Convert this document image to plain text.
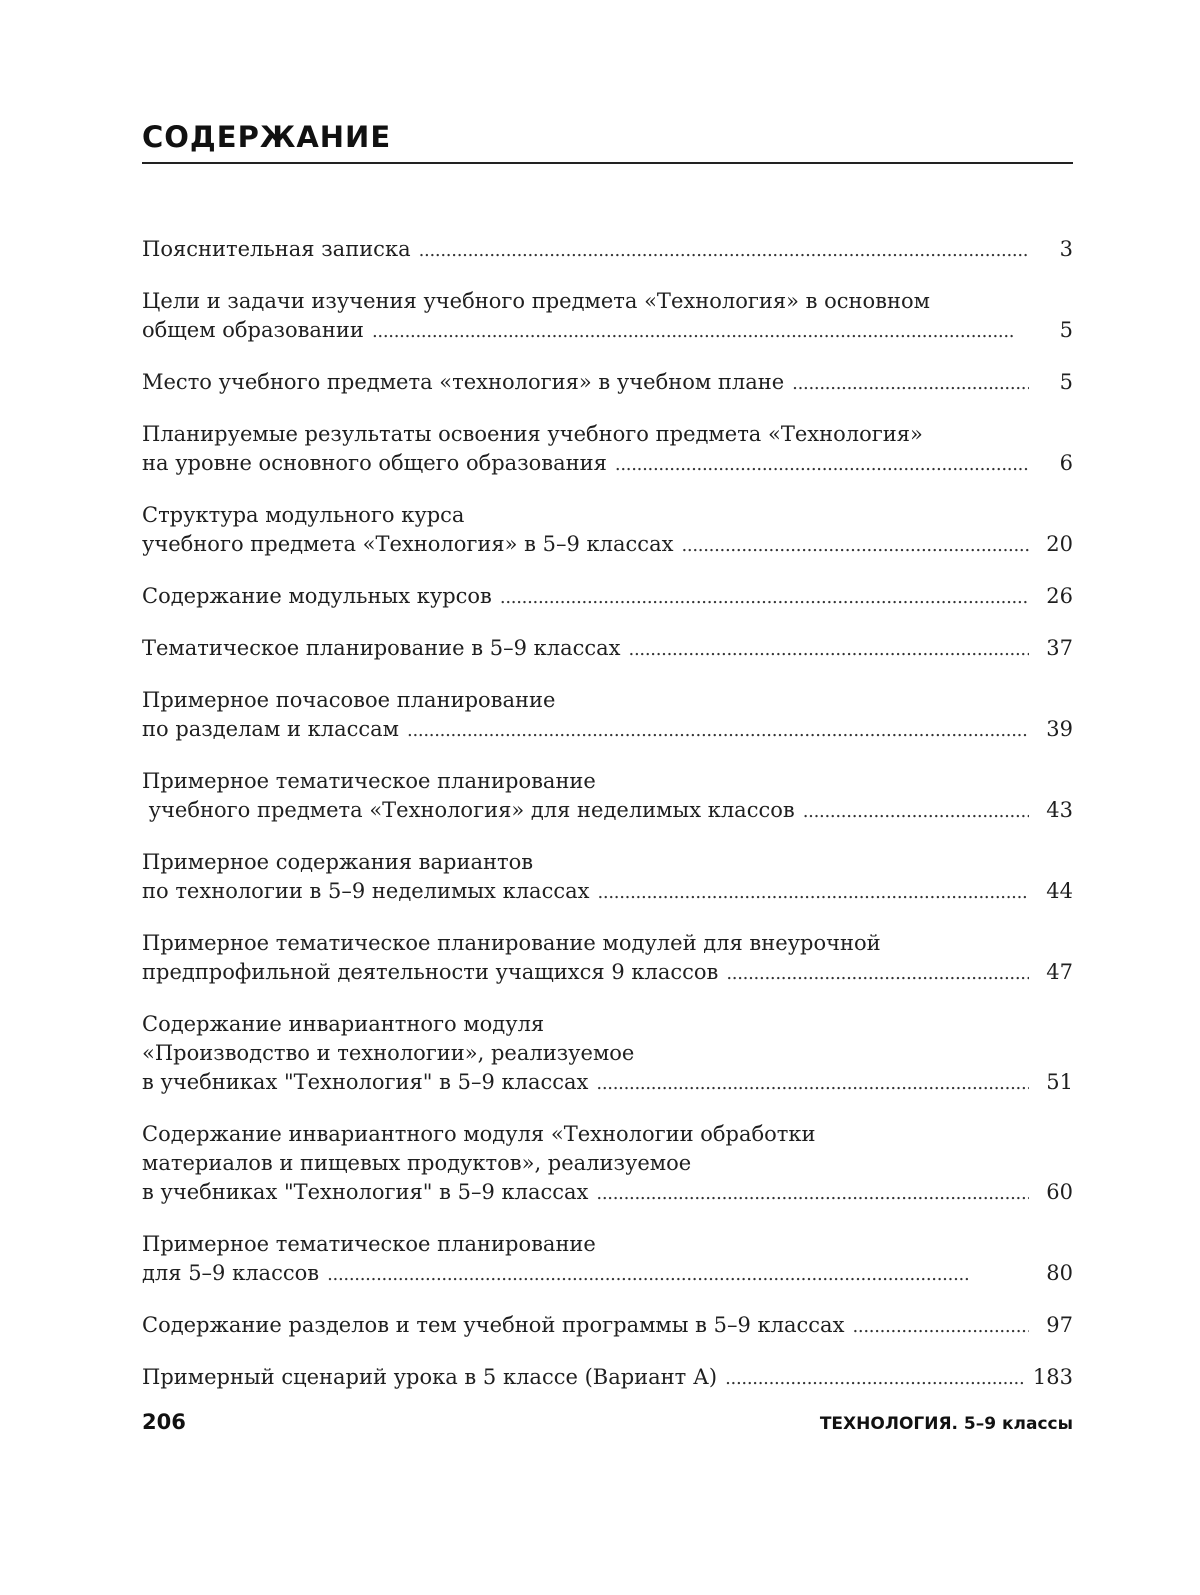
СОДЕРЖАНИЕ
Пояснительная записка . . .	3
Цели и задачи изучения учебного предмета «Технология» в основном
общем образовании . . .	5
Место учебного предмета «технология» в учебном плане . . .	5
Планируемые результаты освоения учебного предмета «Технология»
на уровне основного общего образования . . .	6
Структура модульного курса
учебного предмета «Технология» в 5–9 классах . . .	20
Содержание модульных курсов . . .	26
Тематическое планирование в 5–9 классах . . .	37
Примерное почасовое планирование
по разделам и классам . . .	39
Примерное тематическое планирование
учебного предмета «Технология» для неделимых классов . . .	43
Примерное содержания вариантов
по технологии в 5–9 неделимых классах . . .	44
Примерное тематическое планирование модулей для внеурочной
предпрофильной деятельности учащихся 9 классов . . .	47
Содержание инвариантного модуля
«Производство и технологии», реализуемое
в учебниках "Технология" в 5–9 классах . . .	51
Содержание инвариантного модуля «Технологии обработки
материалов и пищевых продуктов», реализуемое
в учебниках "Технология" в 5–9 классах . . .	60
Примерное тематическое планирование
для 5–9 классов . . .	80
Содержание разделов и тем учебной программы в 5–9 классах . . .	97
Примерный сценарий урока в 5 классе (Вариант А) . . .	183
206	ТЕХНОЛОГИЯ. 5–9 классы
